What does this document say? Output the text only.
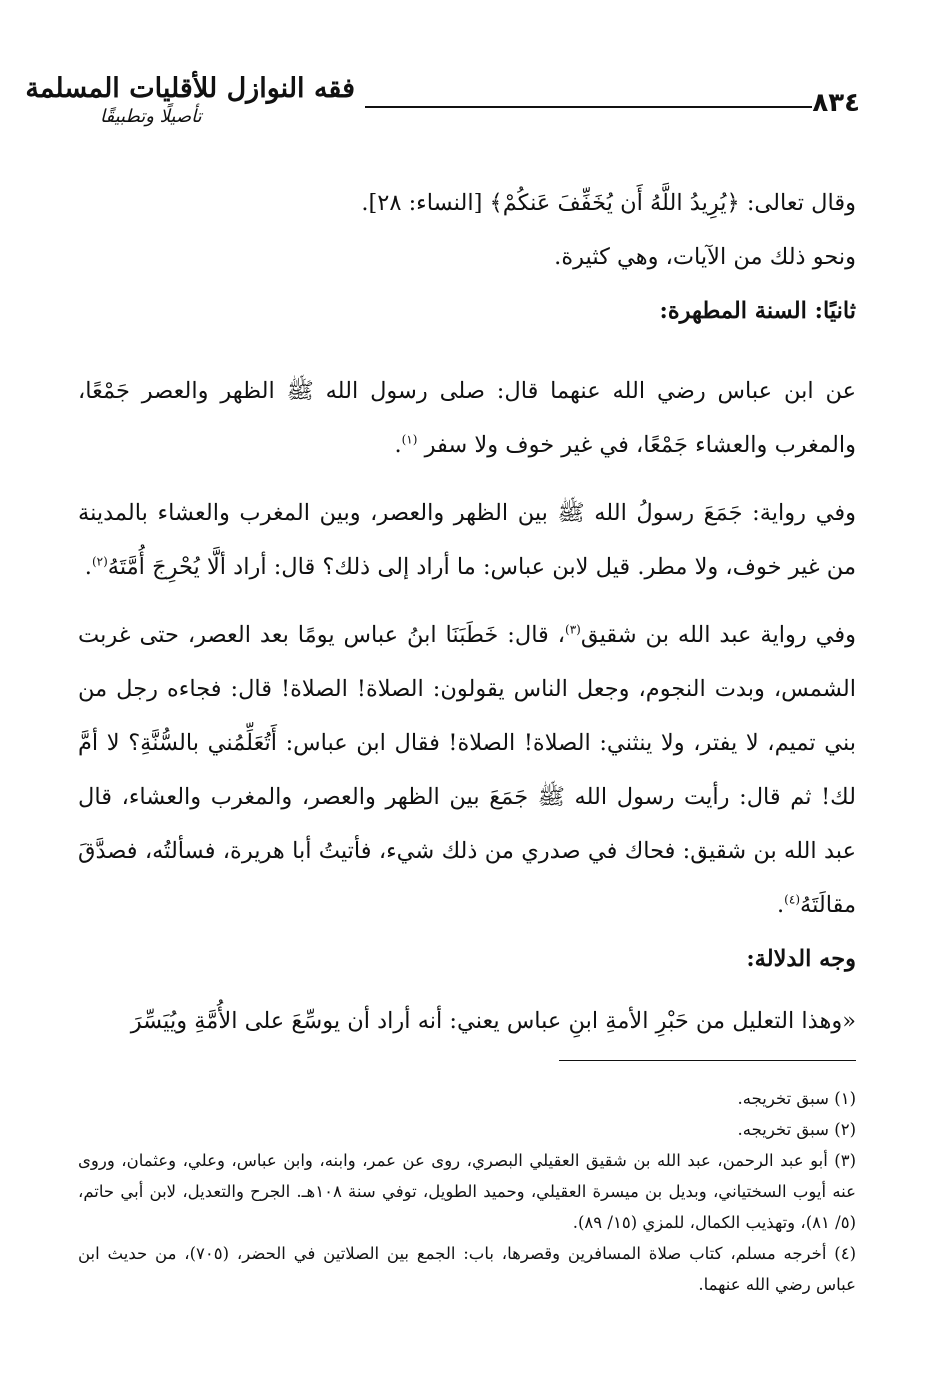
٨٣٤
فقه النوازل للأقليات المسلمة
تأصيلًا وتطبيقًا

وقال تعالى: ﴿يُرِيدُ اللَّهُ أَن يُخَفِّفَ عَنكُمْ﴾ [النساء: ٢٨].

ونحو ذلك من الآيات، وهي كثيرة.

ثانيًا: السنة المطهرة:

عن ابن عباس رضي الله عنهما قال: صلى رسول الله ﷺ الظهر والعصر جَمْعًا، والمغرب والعشاء جَمْعًا، في غير خوف ولا سفر $^{(١)}$.

وفي رواية: جَمَعَ رسولُ الله ﷺ بين الظهر والعصر، وبين المغرب والعشاء بالمدينة من غير خوف، ولا مطر. قيل لابن عباس: ما أراد إلى ذلك؟ قال: أراد ألَّا يُحْرِجَ أُمَّتَهُ$^{(٢)}$.

وفي رواية عبد الله بن شقيق$^{(٣)}$، قال: خَطَبَنَا ابنُ عباس يومًا بعد العصر، حتى غربت الشمس، وبدت النجوم، وجعل الناس يقولون: الصلاة! الصلاة! قال: فجاءه رجل من بني تميم، لا يفتر، ولا ينثني: الصلاة! الصلاة! فقال ابن عباس: أَتُعَلِّمُني بالسُّنَّةِ؟ لا أمَّ لك! ثم قال: رأيت رسول الله ﷺ جَمَعَ بين الظهر والعصر، والمغرب والعشاء، قال عبد الله بن شقيق: فحاك في صدري من ذلك شيء، فأتيتُ أبا هريرة، فسألتُه، فصدَّقَ مقالَتَهُ$^{(٤)}$.

وجه الدلالة:

«وهذا التعليل من حَبْرِ الأمةِ ابنِ عباس يعني: أنه أراد أن يوسِّعَ على الأُمَّةِ ويُيَسِّرَ

(١) سبق تخريجه.

(٢) سبق تخريجه.

(٣) أبو عبد الرحمن، عبد الله بن شقيق العقيلي البصري، روى عن عمر، وابنه، وابن عباس، وعلي، وعثمان، وروى عنه أيوب السختياني، وبديل بن ميسرة العقيلي، وحميد الطويل، توفي سنة ١٠٨هـ. الجرح والتعديل، لابن أبي حاتم، (٥/ ٨١)، وتهذيب الكمال، للمزي (١٥/ ٨٩).

(٤) أخرجه مسلم، كتاب صلاة المسافرين وقصرها، باب: الجمع بين الصلاتين في الحضر، (٧٠٥)، من حديث ابن عباس رضي الله عنهما.
